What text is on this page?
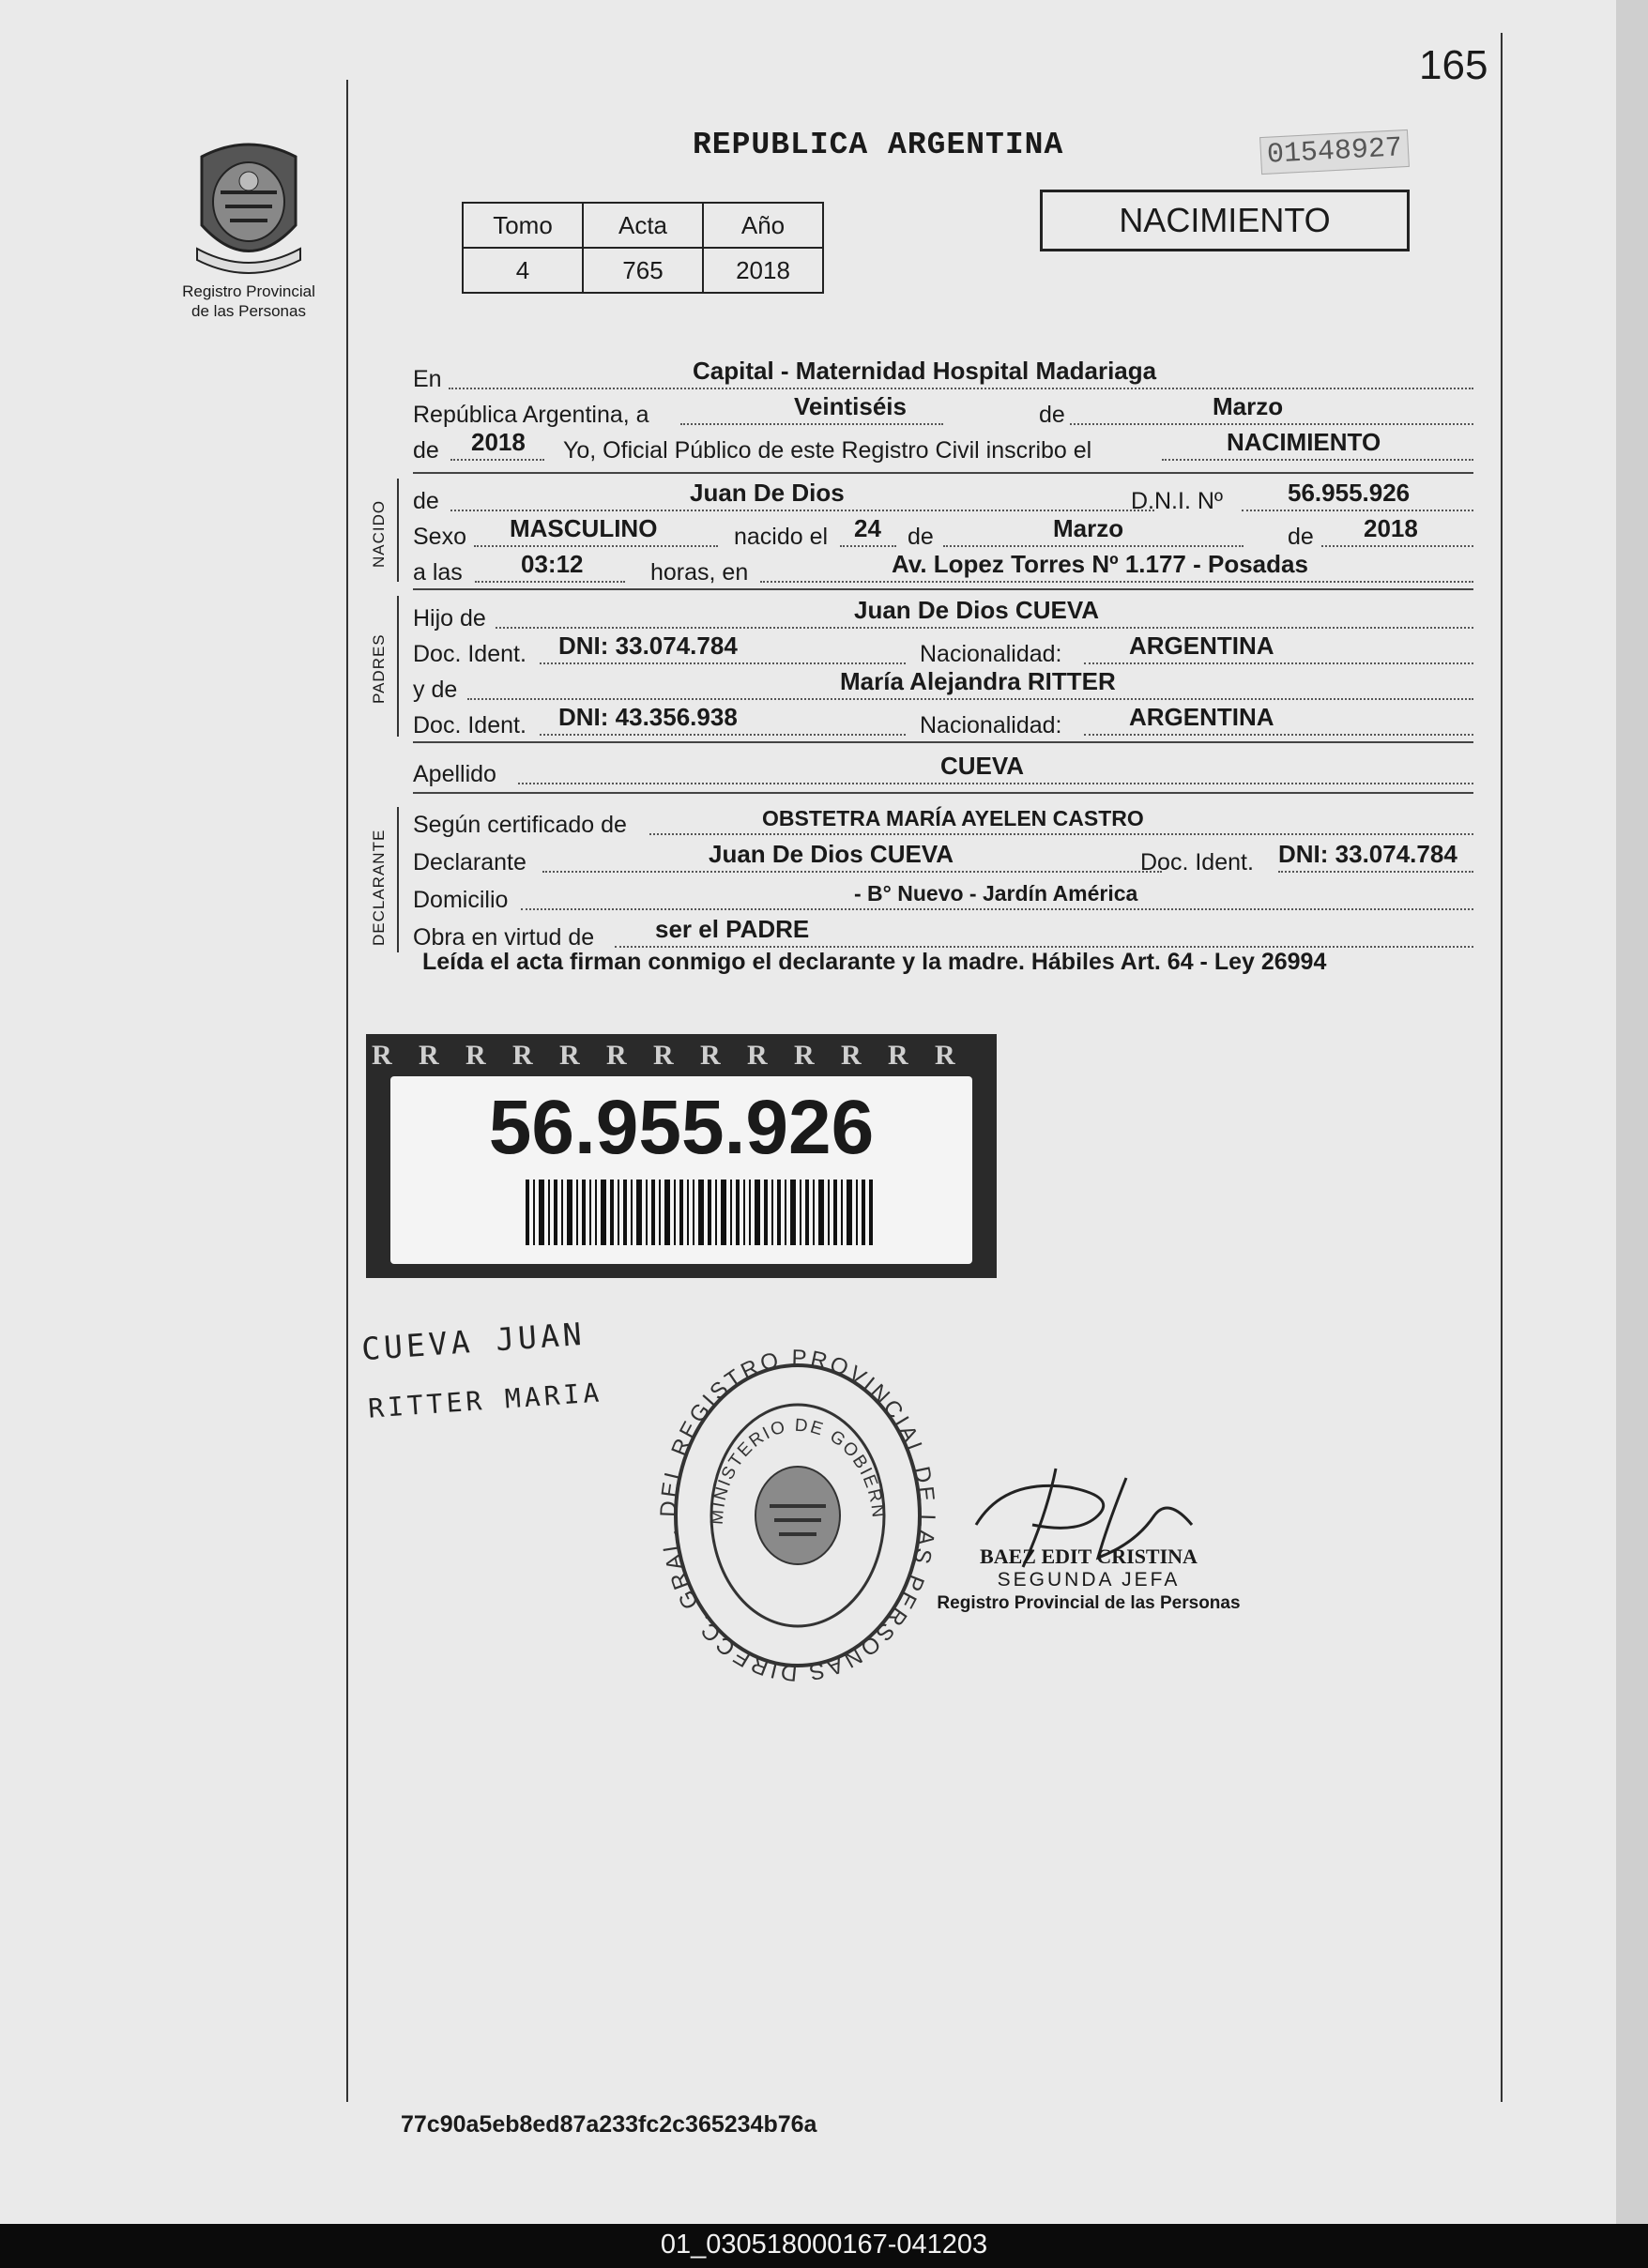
165
Registro Provincial
de las Personas
REPUBLICA ARGENTINA	01548927
Tomo	Acta	Año
4	765	2018
NACIMIENTO
En	Capital - Maternidad Hospital Madariaga
República Argentina, a	Veintiséis	de	Marzo
de 2018 Yo, Oficial Público de este Registro Civil inscribo el	NACIMIENTO
NACIDO de	Juan De Dios	D.N.I. Nº	56.955.926
Sexo MASCULINO	nacido el 24 de	Marzo	de 2018
a las 03:12	horas, en	Av. Lopez Torres Nº 1.177 - Posadas
PADRES
Hijo de	Juan De Dios CUEVA
Doc. Ident. DNI: 33.074.784	Nacionalidad:	ARGENTINA
y de	María Alejandra RITTER
Doc. Ident. DNI: 43.356.938	Nacionalidad:	ARGENTINA
Apellido	CUEVA
DECLARANTE
Según certificado de	OBSTETRA MARÍA AYELEN CASTRO
Declarante	Juan De Dios CUEVA	Doc. Ident. DNI: 33.074.784
Domicilio	- B° Nuevo - Jardín América
Obra en virtud de ser el PADRE
Leída el acta firman conmigo el declarante y la madre. Hábiles Art. 64 - Ley 26994
R R R R R R R R R R R R R
56.955.926
CUEVA JUAN
RITTER MARIA
DIRECC. GRAL. DEL REGISTRO PROVINCIAL DE LAS PERSONAS
MINISTERIO DE GOBIERN
BAEZ EDIT CRISTINA
SEGUNDA JEFA
Registro Provincial de las Personas
77c90a5eb8ed87a233fc2c365234b76a
01_030518000167-041203
